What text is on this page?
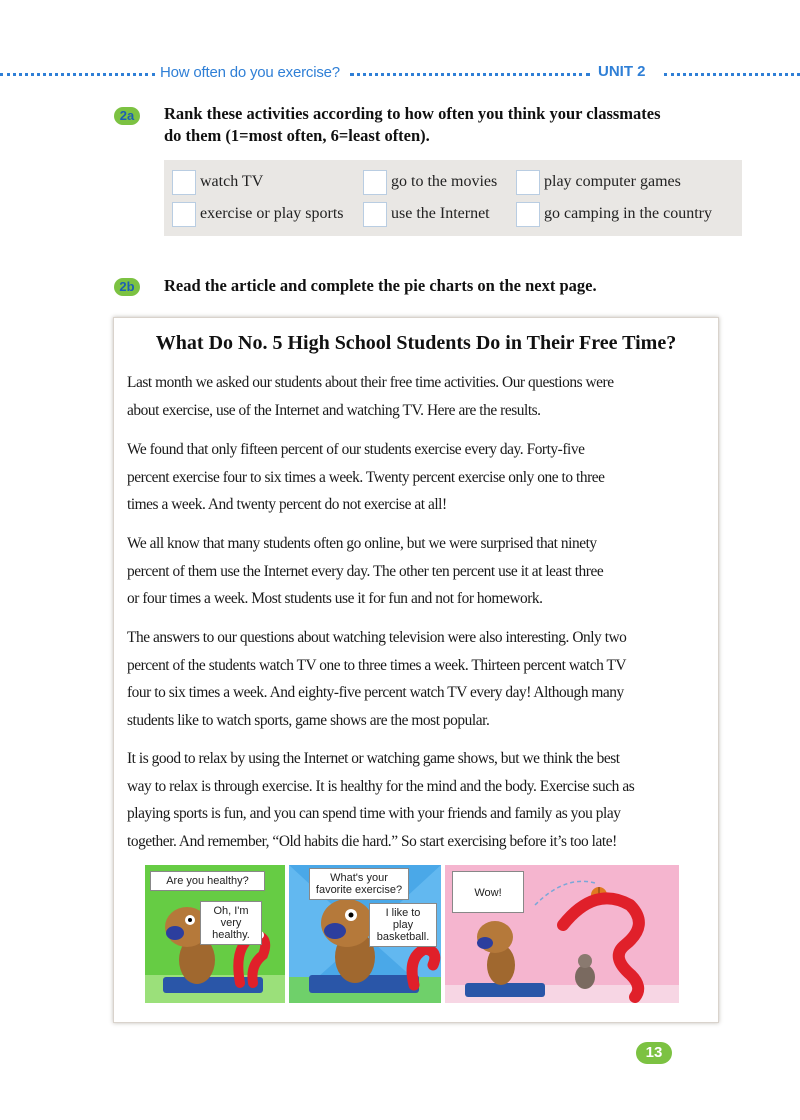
How often do you exercise?	UNIT 2
2a	Rank these activities according to how often you think your classmates
do them (1=most often, 6=least often).
watch TV	go to the movies	play computer games
exercise or play sports	use the Internet	go camping in the country
2b	Read the article and complete the pie charts on the next page.
What Do No. 5 High School Students Do in Their Free Time?
Last month we asked our students about their free time activities. Our questions were
about exercise, use of the Internet and watching TV. Here are the results.
We found that only fifteen percent of our students exercise every day. Forty-five
percent exercise four to six times a week. Twenty percent exercise only one to three
times a week. And twenty percent do not exercise at all!
We all know that many students often go online, but we were surprised that ninety
percent of them use the Internet every day. The other ten percent use it at least three
or four times a week. Most students use it for fun and not for homework.
The answers to our questions about watching television were also interesting. Only two
percent of the students watch TV one to three times a week. Thirteen percent watch TV
four to six times a week. And eighty-five percent watch TV every day! Although many
students like to watch sports, game shows are the most popular.
It is good to relax by using the Internet or watching game shows, but we think the best
way to relax is through exercise. It is healthy for the mind and the body. Exercise such as
playing sports is fun, and you can spend time with your friends and family as you play
together. And remember, “Old habits die hard.” So start exercising before it’s too late!
Are you healthy?
Oh, I'm very
healthy.
What's your
favorite exercise?
I like to play
basketball.
Wow!
13
